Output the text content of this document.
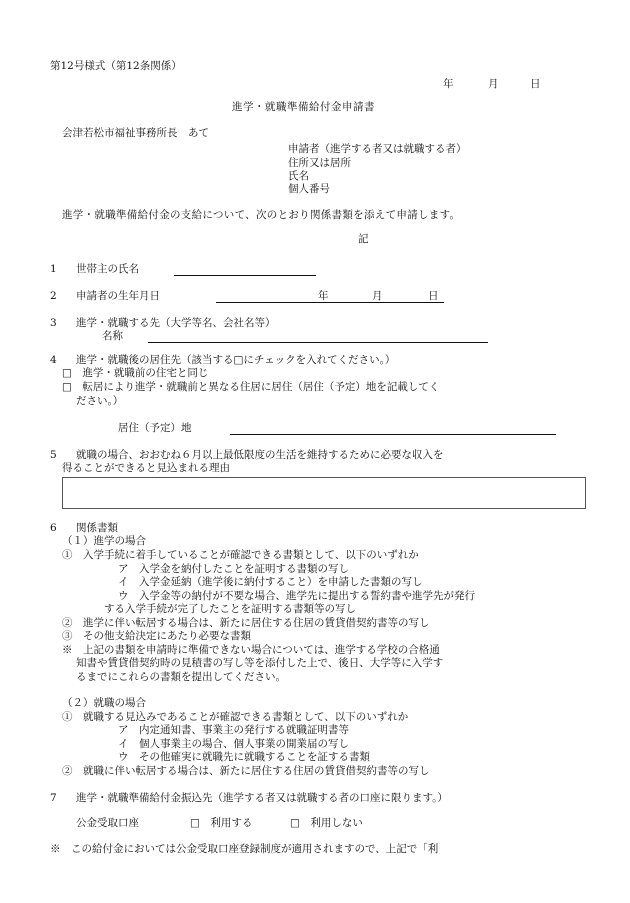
第12号様式（第12条関係）
年	月	日
進学・就職準備給付金申請書
会津若松市福祉事務所長　あて
申請者（進学する者又は就職する者）
住所又は居所
氏名
個人番号
進学・就職準備給付金の支給について、次のとおり関係書類を添えて申請します。
記
1 世帯主の氏名
2 申請者の生年月日	年	月	日
3 進学・就職する先（大学等名、会社名等）
名称
4 進学・就職後の居住先（該当する□にチェックを入れてください。）
□　進学・就職前の住宅と同じ
□　転居により進学・就職前と異なる住居に居住（居住（予定）地を記載してく
ださい。）
居住（予定）地
5 就職の場合、おおむね６月以上最低限度の生活を維持するために必要な収入を
得ることができると見込まれる理由
6 関係書類
（１）進学の場合
①　入学手続に着手していることが確認できる書類として、以下のいずれか
ア　入学金を納付したことを証明する書類の写し
イ　入学金延納（進学後に納付すること）を申請した書類の写し
ウ　入学金等の納付が不要な場合、進学先に提出する誓約書や進学先が発行
する入学手続が完了したことを証明する書類等の写し
②　進学に伴い転居する場合は、新たに居住する住居の賃貸借契約書等の写し
③　その他支給決定にあたり必要な書類
※　上記の書類を申請時に準備できない場合については、進学する学校の合格通
知書や賃貸借契約時の見積書の写し等を添付した上で、後日、大学等に入学す
るまでにこれらの書類を提出してください。
（２）就職の場合
①　就職する見込みであることが確認できる書類として、以下のいずれか
ア　内定通知書、事業主の発行する就職証明書等
イ　個人事業主の場合、個人事業の開業届の写し
ウ　その他確実に就職先に就職することを証する書類
②　就職に伴い転居する場合は、新たに居住する住居の賃貸借契約書等の写し
7 進学・就職準備給付金振込先（進学する者又は就職する者の口座に限ります。）
公金受取口座	□　利用する	□　利用しない
※　この給付金においては公金受取口座登録制度が適用されますので、上記で「利
